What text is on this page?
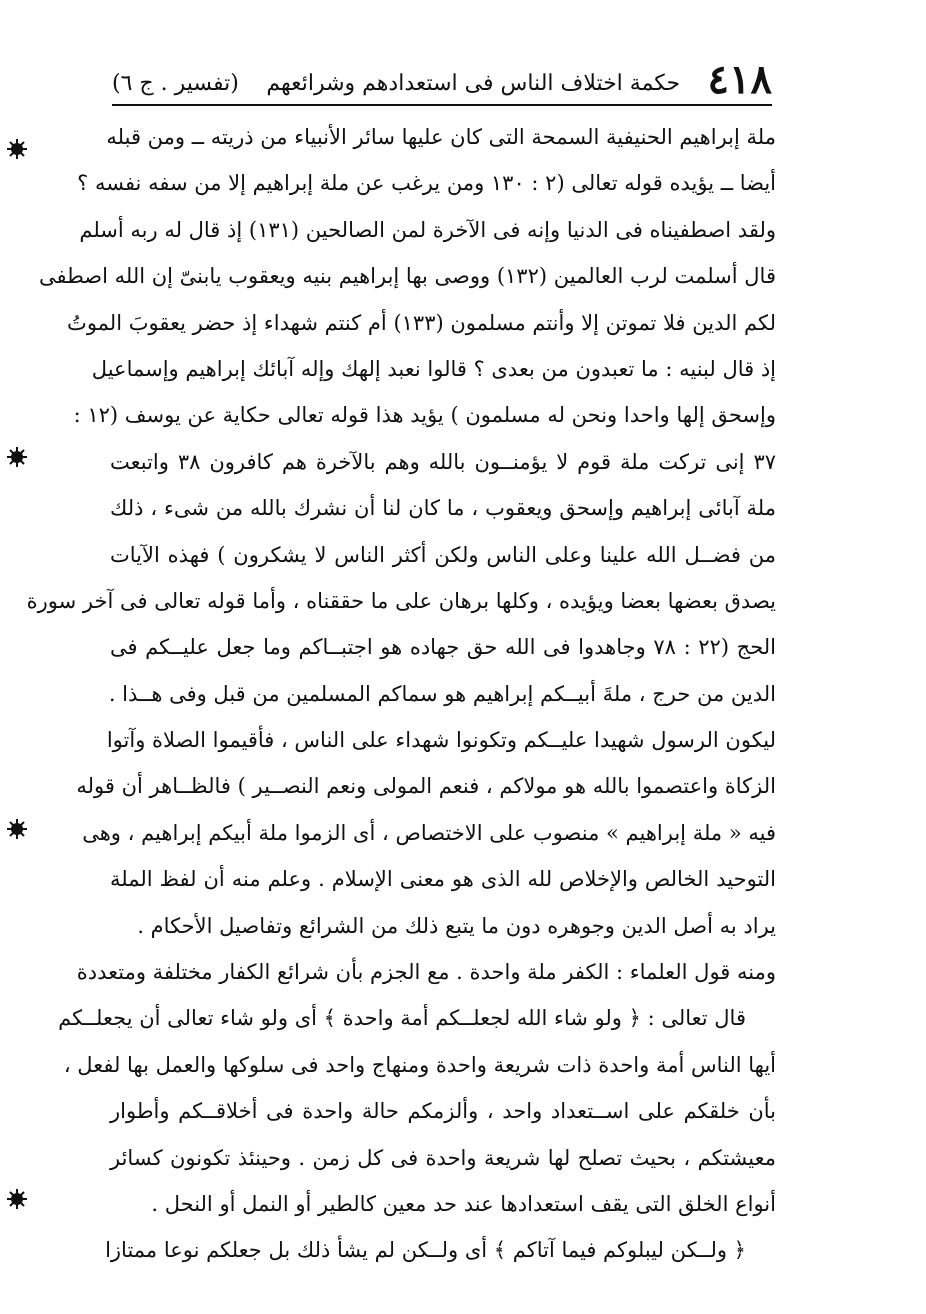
٤١٨
حكمة اختلاف الناس فى استعدادهم وشرائعهم
(تفسير . ج ٦)
ملة إبراهيم الحنيفية السمحة التى كان عليها سائر الأنبياء من ذريته ــ ومن قبله
أيضا ــ يؤيده قوله تعالى (٢ : ١٣٠ ومن يرغب عن ملة إبراهيم إلا من سفه نفسه ؟
ولقد اصطفيناه فى الدنيا وإنه فى الآخرة لمن الصالحين (١٣١) إذ قال له ربه أسلم
قال أسلمت لرب العالمين (١٣٢) ووصى بها إبراهيم بنيه ويعقوب يابنىّ إن الله اصطفى
لكم الدين فلا تموتن إلا وأنتم مسلمون (١٣٣) أم كنتم شهداء إذ حضر يعقوبَ الموتُ
إذ قال لبنيه : ما تعبدون من بعدى ؟ قالوا نعبد إلهك وإله آبائك إبراهيم وإسماعيل
وإسحق إلها واحدا ونحن له مسلمون ) يؤيد هذا قوله تعالى حكاية عن يوسف (١٢ :
٣٧ إنى تركت ملة قوم لا يؤمنــون بالله وهم بالآخرة هم كافرون ٣٨ واتبعت
ملة آبائى إبراهيم وإسحق ويعقوب ، ما كان لنا أن نشرك بالله من شىء ، ذلك
من فضــل الله علينا وعلى الناس ولكن أكثر الناس لا يشكرون ) فهذه الآيات
يصدق بعضها بعضا ويؤيده ، وكلها برهان على ما حققناه ، وأما قوله تعالى فى آخر سورة
الحج (٢٢ : ٧٨ وجاهدوا فى الله حق جهاده هو اجتبــاكم وما جعل عليــكم فى
الدين من حرج ، ملةَ أبيــكم إبراهيم هو سماكم المسلمين من قبل وفى هــذا .
ليكون الرسول شهيدا عليــكم وتكونوا شهداء على الناس ، فأقيموا الصلاة وآتوا
الزكاة واعتصموا بالله هو مولاكم ، فنعم المولى ونعم النصــير ) فالظــاهر أن قوله
فيه « ملة إبراهيم » منصوب على الاختصاص ، أى الزموا ملة أبيكم إبراهيم ، وهى
التوحيد الخالص والإخلاص لله الذى هو معنى الإسلام . وعلم منه أن لفظ الملة
يراد به أصل الدين وجوهره دون ما يتبع ذلك من الشرائع وتفاصيل الأحكام .
ومنه قول العلماء : الكفر ملة واحدة . مع الجزم بأن شرائع الكفار مختلفة ومتعددة
قال تعالى : ﴿ ولو شاء الله لجعلــكم أمة واحدة ﴾ أى ولو شاء تعالى أن يجعلــكم
أيها الناس أمة واحدة ذات شريعة واحدة ومنهاج واحد فى سلوكها والعمل بها لفعل ،
بأن خلقكم على اســتعداد واحد ، وألزمكم حالة واحدة فى أخلاقــكم وأطوار
معيشتكم ، بحيث تصلح لها شريعة واحدة فى كل زمن . وحينئذ تكونون كسائر
أنواع الخلق التى يقف استعدادها عند حد معين كالطير أو النمل أو النحل .
﴿ ولــكن ليبلوكم فيما آتاكم ﴾ أى ولــكن لم يشأ ذلك بل جعلكم نوعا ممتازا
